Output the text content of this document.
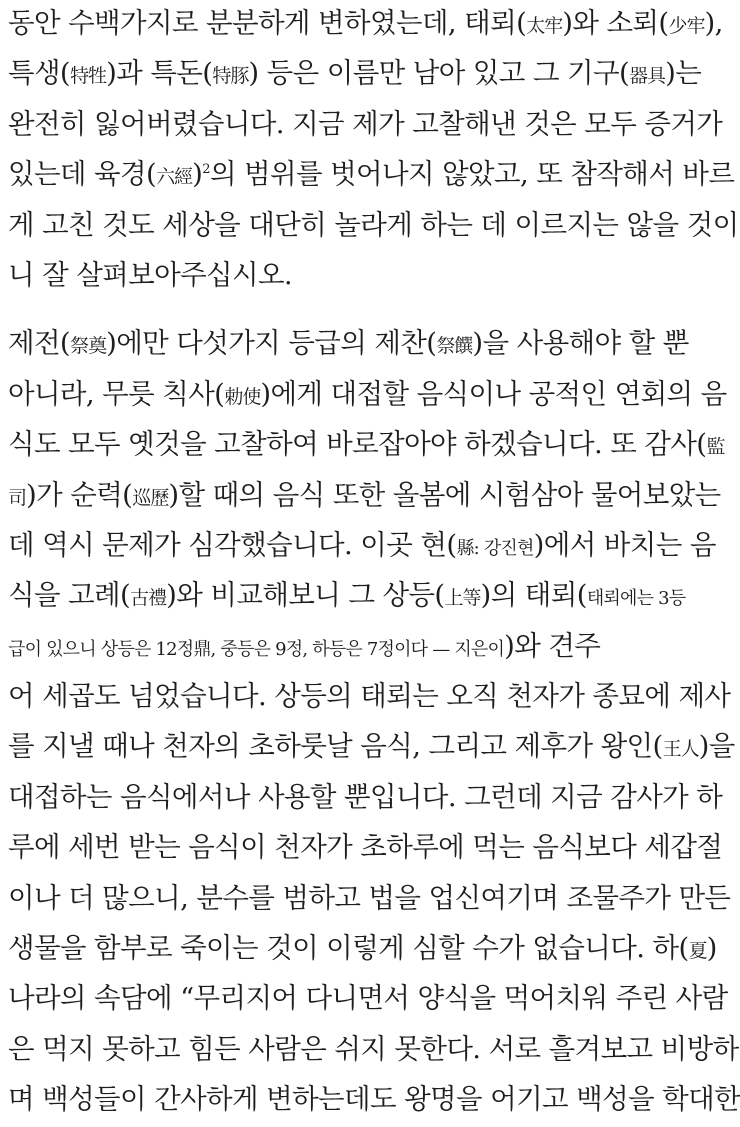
동안 수백가지로 분분하게 변하였는데, 태뢰(太牢)와 소뢰(少牢),
특생(特牲)과 특돈(特豚) 등은 이름만 남아 있고 그 기구(器具)는
완전히 잃어버렸습니다. 지금 제가 고찰해낸 것은 모두 증거가
있는데 육경(六經)$^2$의 범위를 벗어나지 않았고, 또 참작해서 바르
게 고친 것도 세상을 대단히 놀라게 하는 데 이르지는 않을 것이
니 잘 살펴보아주십시오.
제전(祭奠)에만 다섯가지 등급의 제찬(祭饌)을 사용해야 할 뿐
아니라, 무릇 칙사(勅使)에게 대접할 음식이나 공적인 연회의 음
식도 모두 옛것을 고찰하여 바로잡아야 하겠습니다. 또 감사(監
司)가 순력(巡歷)할 때의 음식 또한 올봄에 시험삼아 물어보았는
데 역시 문제가 심각했습니다. 이곳 현(縣: 강진현)에서 바치는 음
식을 고례(古禮)와 비교해보니 그 상등(上等)의 태뢰(태뢰에는 3등
급이 있으니 상등은 12정鼎, 중등은 9정, 하등은 7정이다 — 지은이)와 견주
어 세곱도 넘었습니다. 상등의 태뢰는 오직 천자가 종묘에 제사
를 지낼 때나 천자의 초하룻날 음식, 그리고 제후가 왕인(王人)을
대접하는 음식에서나 사용할 뿐입니다. 그런데 지금 감사가 하
루에 세번 받는 음식이 천자가 초하루에 먹는 음식보다 세갑절
이나 더 많으니, 분수를 범하고 법을 업신여기며 조물주가 만든
생물을 함부로 죽이는 것이 이렇게 심할 수가 없습니다. 하(夏)
나라의 속담에 “무리지어 다니면서 양식을 먹어치워 주린 사람
은 먹지 못하고 힘든 사람은 쉬지 못한다. 서로 흘겨보고 비방하
며 백성들이 간사하게 변하는데도 왕명을 어기고 백성을 학대한
